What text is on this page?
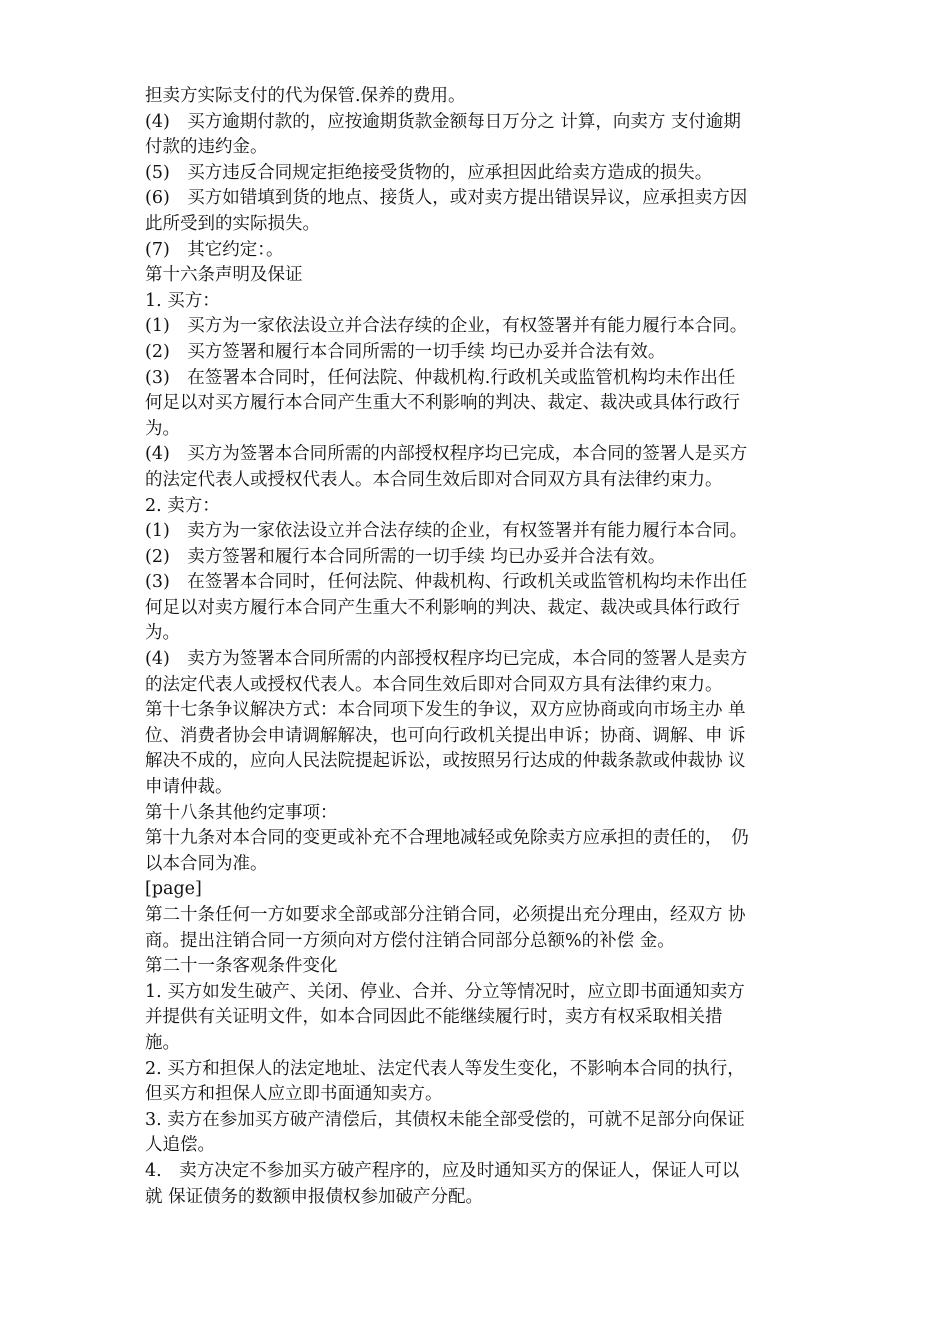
担卖方实际支付的代为保管.保养的费用。
(4)　买方逾期付款的，应按逾期货款金额每日万分之 计算，向卖方 支付逾期
付款的违约金。
(5)　买方违反合同规定拒绝接受货物的，应承担因此给卖方造成的损失。
(6)　买方如错填到货的地点、接货人，或对卖方提出错误异议，应承担卖方因
此所受到的实际损失。
(7)　其它约定：。
第十六条声明及保证
1. 买方：
(1)　买方为一家依法设立并合法存续的企业，有权签署并有能力履行本合同。
(2)　买方签署和履行本合同所需的一切手续 均已办妥并合法有效。
(3)　在签署本合同时，任何法院、仲裁机构.行政机关或监管机构均未作出任
何足以对买方履行本合同产生重大不利影响的判决、裁定、裁决或具体行政行
为。
(4)　买方为签署本合同所需的内部授权程序均已完成，本合同的签署人是买方
的法定代表人或授权代表人。本合同生效后即对合同双方具有法律约束力。
2. 卖方：
(1)　卖方为一家依法设立并合法存续的企业，有权签署并有能力履行本合同。
(2)　卖方签署和履行本合同所需的一切手续 均已办妥并合法有效。
(3)　在签署本合同时，任何法院、仲裁机构、行政机关或监管机构均未作出任
何足以对卖方履行本合同产生重大不利影响的判决、裁定、裁决或具体行政行
为。
(4)　卖方为签署本合同所需的内部授权程序均已完成，本合同的签署人是卖方
的法定代表人或授权代表人。本合同生效后即对合同双方具有法律约束力。
第十七条争议解决方式：本合同项下发生的争议，双方应协商或向市场主办 单
位、消费者协会申请调解解决，也可向行政机关提出申诉；协商、调解、申 诉
解决不成的，应向人民法院提起诉讼，或按照另行达成的仲裁条款或仲裁协 议
申请仲裁。
第十八条其他约定事项：
第十九条对本合同的变更或补充不合理地减轻或免除卖方应承担的责任的，　仍
以本合同为准。
[page]
第二十条任何一方如要求全部或部分注销合同，必须提出充分理由，经双方 协
商。提出注销合同一方须向对方偿付注销合同部分总额%的补偿 金。
第二十一条客观条件变化
1. 买方如发生破产、关闭、停业、合并、分立等情况时，应立即书面通知卖方
并提供有关证明文件，如本合同因此不能继续履行时，卖方有权采取相关措
施。
2. 买方和担保人的法定地址、法定代表人等发生变化，不影响本合同的执行，
但买方和担保人应立即书面通知卖方。
3. 卖方在参加买方破产清偿后，其债权未能全部受偿的，可就不足部分向保证
人追偿。
4.　卖方决定不参加买方破产程序的，应及时通知买方的保证人，保证人可以
就 保证债务的数额申报债权参加破产分配。
